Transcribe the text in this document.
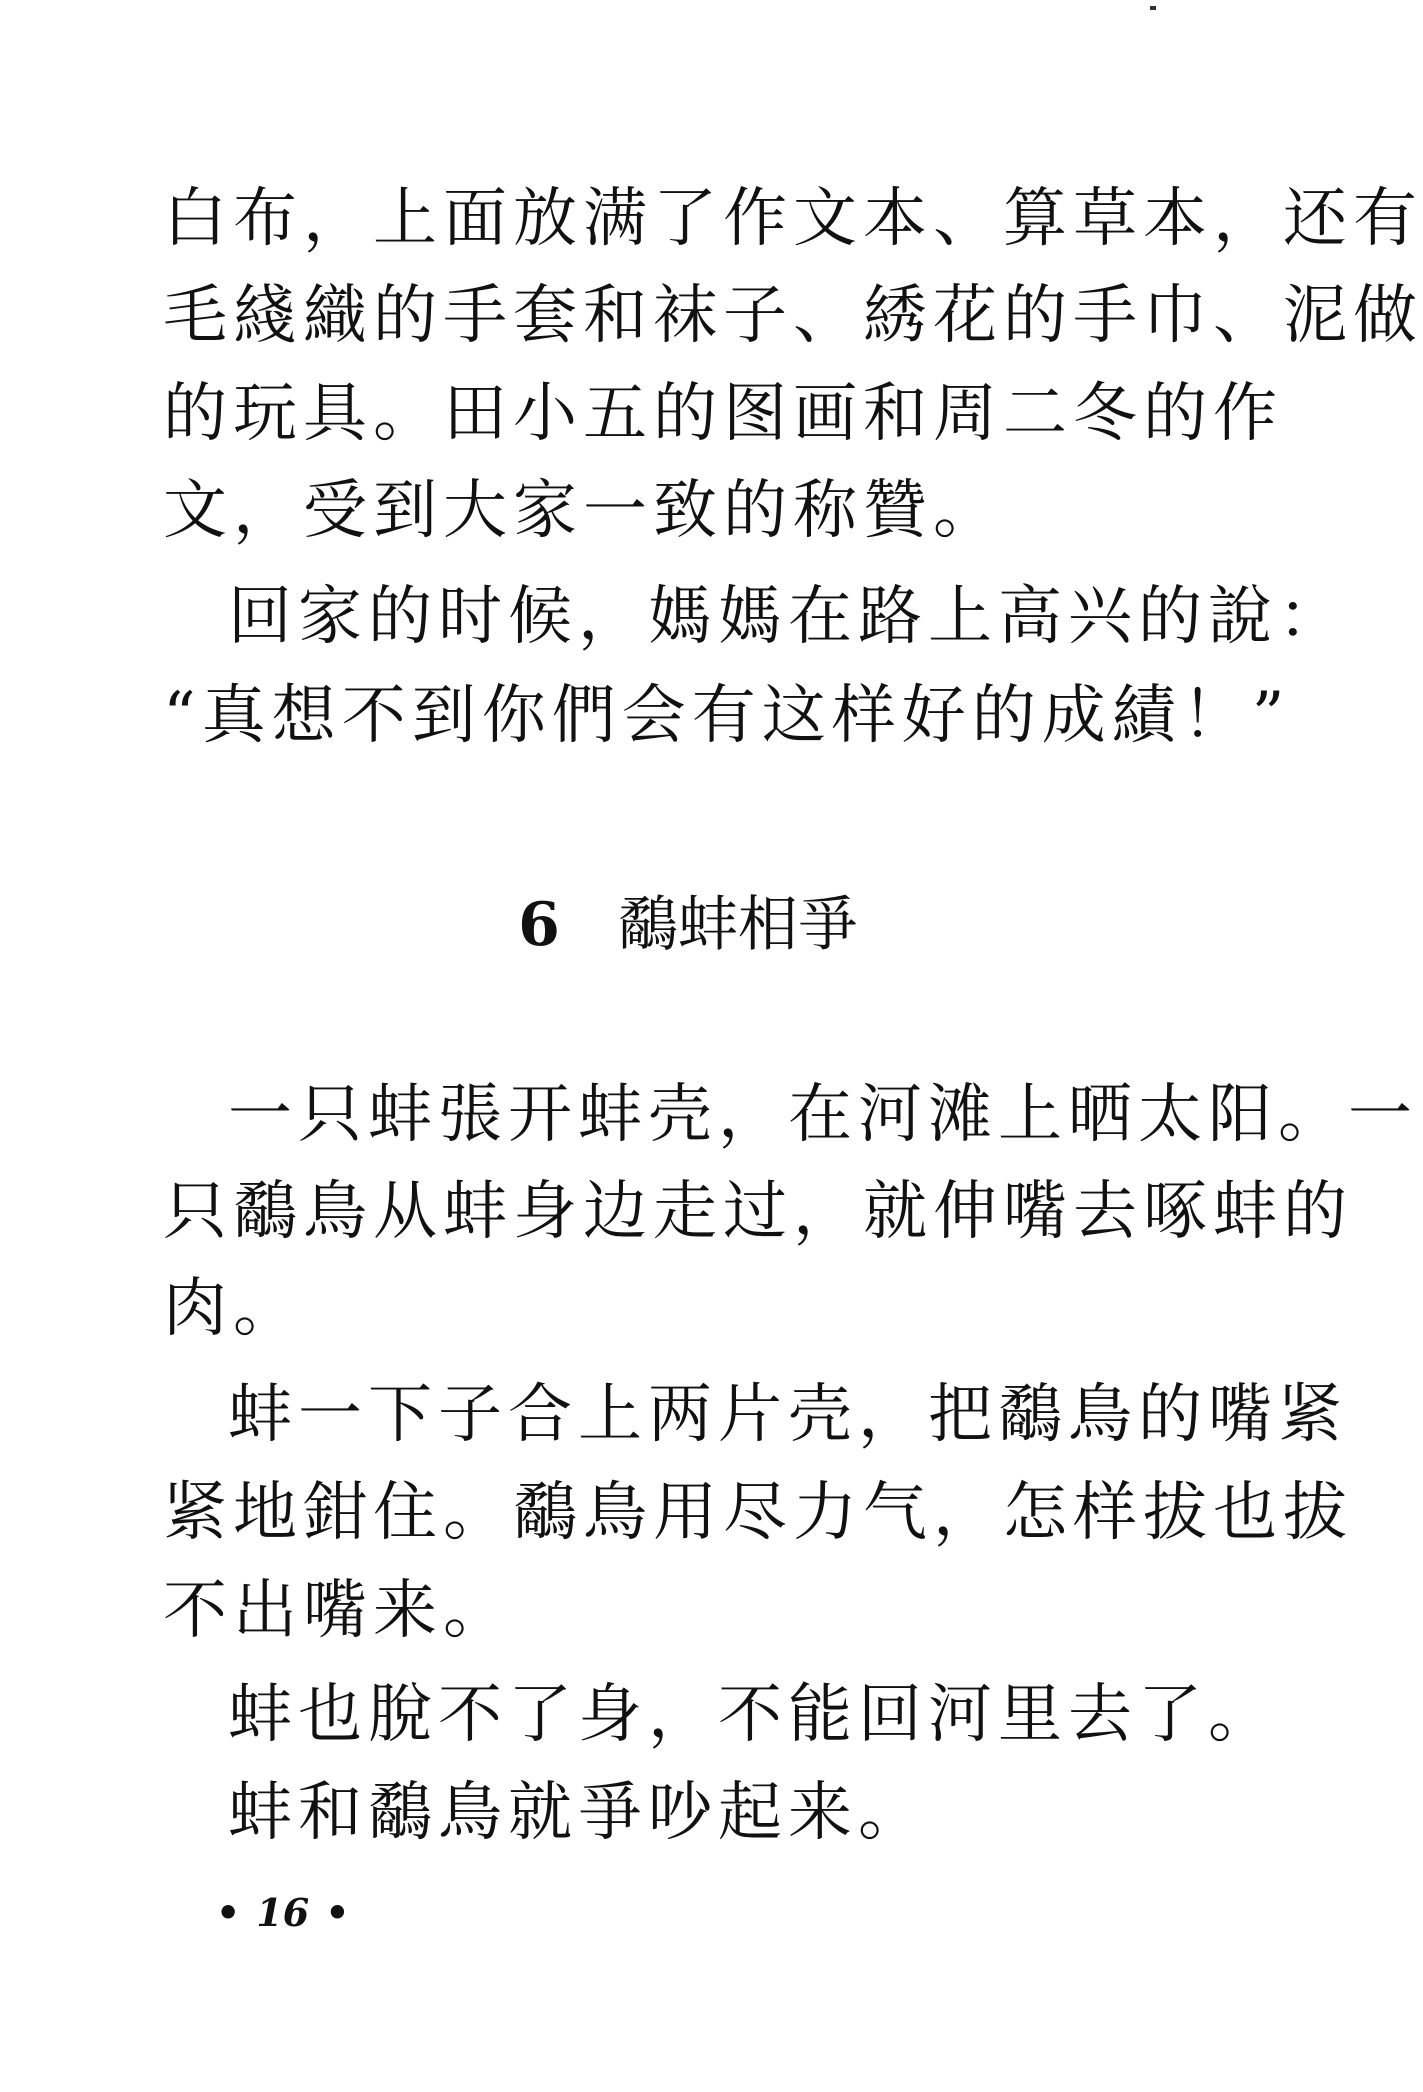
白布，上面放满了作文本、算草本，还有
毛綫織的手套和袜子、綉花的手巾、泥做
的玩具。田小五的图画和周二冬的作
文，受到大家一致的称贊。
回家的时候，媽媽在路上高兴的說：
“真想不到你們会有这样好的成績！”
6 鷸蚌相爭
一只蚌張开蚌壳，在河滩上晒太阳。一
只鷸鳥从蚌身边走过，就伸嘴去啄蚌的
肉。
蚌一下子合上两片壳，把鷸鳥的嘴紧
紧地鉗住。鷸鳥用尽力气，怎样拔也拔
不出嘴来。
蚌也脫不了身，不能回河里去了。
蚌和鷸鳥就爭吵起来。
• 16 •
